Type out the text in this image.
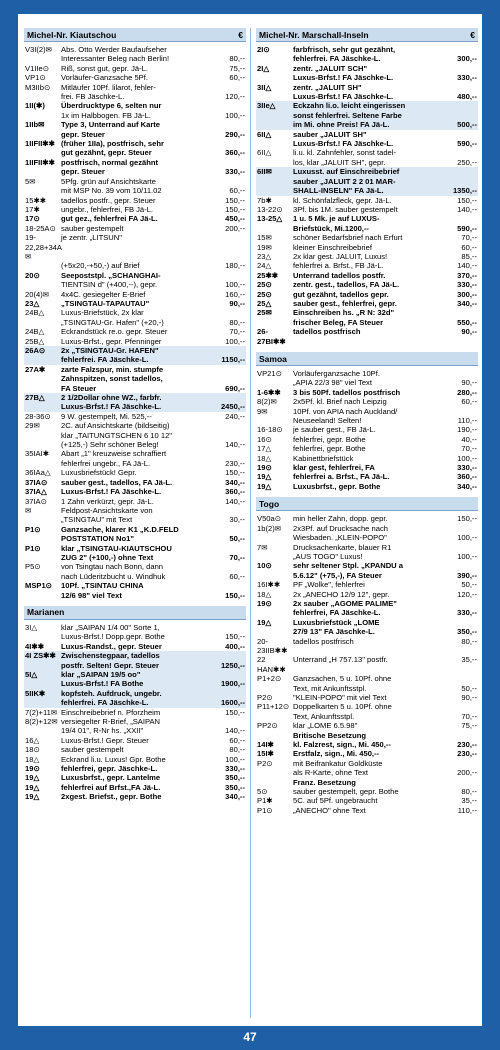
Michel-Nr. Kiautschou	€
V3I(2)✉	Abs. Otto Werder Baufaufseher
Interessanter Beleg nach Berlin!	80,--
V1IIe⊙	Riß, sonst gut, gepr. Jä-L.	75,--
VP1⊙	Vorläufer-Ganzsache 5Pf.	60,--
M3IIb⊙	Mitläufer 10Pf. lilarot, fehler-
frei. FB Jäschke-L.	120,--
1II(✱)	Überdrucktype 6, selten nur
1x im Halbbogen. FB Jä-L.	100,--
1IIb✉	Type 3, Unterrand auf Karte
gepr. Steuer	290,--
1IIFII✱✱ (früher 1IIa), postfrisch, sehr
gut gezähnt, gepr. Steuer	360,--
1IIFII✱✱ postfrisch, normal gezähnt
gepr. Steuer	330,--
5✉	5Pfg. grün auf Ansichtskarte
mit MSP No. 39 vom 10/11.02	60,--
15✱✱	tadellos postfr., gepr. Steuer	150,--
17✱	ungebr., fehlerfrei, FB Jä-L.	150,--
17⊙	gut gez., fehlerfrei FA Jä-L.	450,--
18-25A⊙ sauber gestempelt	200,--
19-22,28+34A✉
je zentr. „LITSUN"
(+5x20,-+50,-) auf Brief	180,--
20⊙	Seepoststpl. „SCHANGHAI-
TIENTSIN d" (+400,--), gepr.	100,--
20(4)✉	4x4C. gesiegelter E-Brief	160,--
23△	„TSINGTAU-TAPAUTAU"	90,--
24B△	Luxus-Briefstück, 2x klar
„TSINGTAU-Gr. Hafen" (+20,-)	80,--
24B△	Eckrandstück re.o. gepr. Steuer	70,--
25B△	Luxus-Brfst., gepr. Pfenninger	100,--
26A⊙	2x „TSINGTAU-Gr. HAFEN"
fehlerfrei. FA Jäschke-L.	1150,--
27A✱	zarte Falzspur, min. stumpfe
Zahnspitzen, sonst tadellos,
FA Steuer	690,--
27B△	2 1/2Dollar ohne WZ., farbfr.
Luxus-Brfst.! FA Jäschke-L.	2450,--
28-36⊙	9 W. gestempelt, Mi. 525,--	240,--
29✉	2C. auf Ansichtskarte (bildseitig)
klar „TAITUNGTSCHEN 6 10 12"
(+125,-) Sehr schöner Beleg!	140,--
35IAI✱	Abart „1" kreuzweise schraffiert
fehlerfrei ungebr., FA Jä-L.	230,--
36IAa△	Luxusbriefstück! Gepr.	150,--
37IA⊙	sauber gest., tadellos, FA Jä-L.	340,--
37IA△	Luxus-Brfst.! FA Jäschke-L.	360,--
37IA⊙	1 Zahn verkürzt, gepr. Jä-L.	140,--
✉	Feldpost-Ansichtskarte von
„TSINGTAU" mit Text	30,--
P1⊙	Ganzsache, klarer K1 „K.D.FELD
POSTSTATION No1"	50,--
P1⊙	klar „TSINGTAU-KIAUTSCHOU
ZUG 2" (+100,-) ohne Text	70,--
P5⊙	von Tsingtau nach Bonn, dann
nach Lüderitzbucht u. Windhuk	60,--
MSP1⊙	10Pf. „TSINTAU CHINA
12/6 98" viel Text	150,--
Marianen
3I△	klar „SAIPAN 1/4 00" Sorte 1,
Luxus-Brfst.! Dopp.gepr. Bothe	150,--
4I✱✱	Luxus-Randst., gepr. Steuer	400,--
4I ZS✱✱ Zwischenstegpaar, tadellos
postfr. Selten! Gepr. Steuer	1250,--
5I△	klar „SAIPAN 19/5 oo"
Luxus-Brfst.! FA Bothe	1900,--
5IIK✱	kopfsteh. Aufdruck, ungebr.
fehlerfrei. FA Jäschke-L.	1600,--
7(2)+11✉ Einschreibebrief n. Pforzheim	150,--
8(2)+12✉ versiegelter R-Brief, „SAIPAN
19/4 01", R-Nr hs. „XXII"	140,--
16△	Luxus-Brfst.! Gepr. Steuer	60,--
18⊙	sauber gestempelt	80,--
18△	Eckrand li.u. Luxus! Gpr. Bothe	100,--
19⊙	fehlerfrei, gepr. Jäschke-L.	330,--
19△	Luxusbrfst., gepr. Lantelme	350,--
19△	fehlerfrei auf Brfst.,FA Jä-L.	350,--
19△	2xgest. Briefst., gepr. Bothe	340,--
Michel-Nr. Marschall-Inseln	€
2I⊙	farbfrisch, sehr gut gezähnt,
fehlerfrei. FA Jäschke-L.	300,--
2I△	zentr. „JALUIT SCH"
Luxus-Brfst.! FA Jäschke-L.	330,--
3II△	zentr. „JALUIT SH"
Luxus-Brfst.! FA Jäschke-L.	480,--
3IIe△	Eckzahn li.o. leicht eingerissen
sonst fehlerfrei. Seltene Farbe
im Mi. ohne Preis! FA Jä-L.	500,--
6II△	sauber „JALUIT SH"
Luxus-Brfst.! FA Jäschke-L.	590,--
6II△	li.u. kl. Zahnfehler, sonst tadel-
los, klar „JALUIT SH", gepr.	250,--
6II✉	Luxusst. auf Einschreibebrief
sauber „JALUIT 2 2 01 MAR-
SHALL-INSELN" FA Jä-L.	1350,--
7b✱	kl. Schönfalzfleck, gepr. Jä-L.	150,--
13-22⊙	3Pf. bis 1M. sauber gestempelt	140,--
13-25△	1 u. 5 Mk. je auf LUXUS-
Briefstück, Mi.1200,--	590,--
15✉	schöner Bedarfsbrief nach Erfurt	70,--
19✉	kleiner Einschreibebrief	60,--
23△	2x klar gest. JALUIT, Luxus!	85,--
24△	fehlerfrei a. Brfst., FB Jä-L.	140,--
25✱✱	Unterrand tadellos postfr.	370,--
25⊙	zentr. gest., tadellos, FA Jä-L.	330,--
25⊙	gut gezähnt, tadellos gepr.	300,--
25△	sauber gest., fehlerfrei, gepr.	340,--
25✉	Einschreiben hs. „R N: 32d"
frischer Beleg, FA Steuer	550,--
26-27BI✱✱
tadellos postfrisch	90,--
Samoa
VP21⊙	Vorläuferganzsache 10Pf.
„APIA 22/3 98" viel Text	90,--
1-6✱✱	3 bis 50Pf. tadellos postfrisch	280,--
8(2)✉	2x5Pf. kl. Brief nach Leipzig	60,--
9✉	10Pf. von APIA nach Auckland/
Neuseeland! Selten!	110,--
16-18⊙	je sauber gest., FB Jä-L.	190,--
16⊙	fehlerfrei, gepr. Bothe	40,--
17△	fehlerfrei, gepr. Bothe	70,--
18△	Kabinettbriefstück	100,--
19⊙	klar gest, fehlerfrei, FA	330,--
19△	fehlerfrei a. Brfst., FA Jä-L.	360,--
19△	Luxusbrfst., gepr. Bothe	340,--
Togo
V50a⊙	min heller Zahn, dopp. gepr.	150,--
1b(2)✉	2x3Pf. auf Drucksache nach
Wiesbaden. „KLEIN-POPO"	100,--
7✉	Drucksachenkarte, blauer R1
„AUS TOGO" Luxus!	100,--
10⊙	sehr seltener Stpl. „KPANDU a
5.6.12" (+75,-), FA Steuer	390,--
16I✱✱	PF „Wolke", fehlerfrei	50,--
18△	2x „ANECHO 12/9 12", gepr.	120,--
19⊙	2x sauber „AGOME PALIME"
fehlerfrei, FA Jäschke-L.	330,--
19△	Luxusbriefstück „LOME
27/9 13" FA Jäschke-L.	350,--
20-23IIB✱✱
tadellos postfrisch	80,--
22 HAN✱✱
Unterrand „H 757.13" postfr.	35,--
P1+2⊙	Ganzsachen, 5 u. 10Pf. ohne
Text, mit Ankunftsstpl.	50,--
P2⊙	"KLEIN-POPO" mit viel Text	90,--
P11+12⊙ Doppelkarten 5 u. 10Pf. ohne
Text, Ankunftsstpl.	70,--
PP2⊙	klar „LOME 6.5.98"	75,--
Britische Besetzung
14I✱	kl. Falzrest, sign., Mi. 450,--	230,--
15I✱	Erstfalz, sign., Mi. 450,--	230,--
P2⊙	mit Beifrankatur Goldküste
als R-Karte, ohne Text	200,--
Franz. Besetzung
5⊙	sauber gestempelt, gepr. Bothe	80,--
P1✱	5C. auf 5Pf. ungebraucht	35,--
P1⊙	„ANECHO" ohne Text	110,--
47
